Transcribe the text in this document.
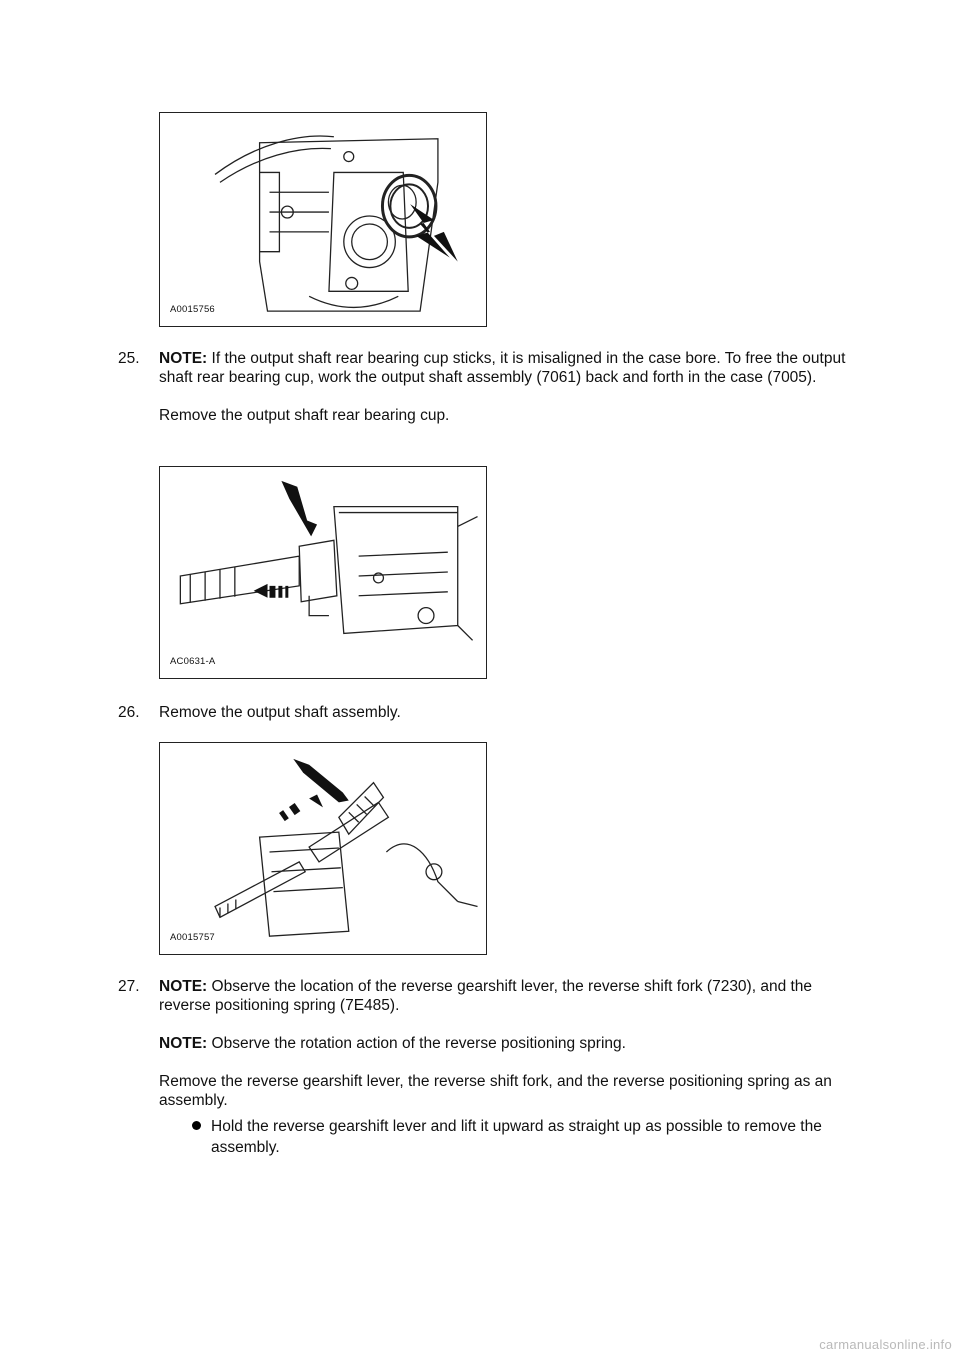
A0015756
25. NOTE: If the output shaft rear bearing cup sticks, it is misaligned in the case bore. To free the output shaft rear bearing cup, work the output shaft assembly (7061) back and forth in the case (7005).

Remove the output shaft rear bearing cup.

AC0631-A
26. Remove the output shaft assembly.

A0015757
27. NOTE: Observe the location of the reverse gearshift lever, the reverse shift fork (7230), and the reverse positioning spring (7E485).

NOTE: Observe the rotation action of the reverse positioning spring.

Remove the reverse gearshift lever, the reverse shift fork, and the reverse positioning spring as an assembly.

Hold the reverse gearshift lever and lift it upward as straight up as possible to remove the assembly.
carmanualsonline.info
